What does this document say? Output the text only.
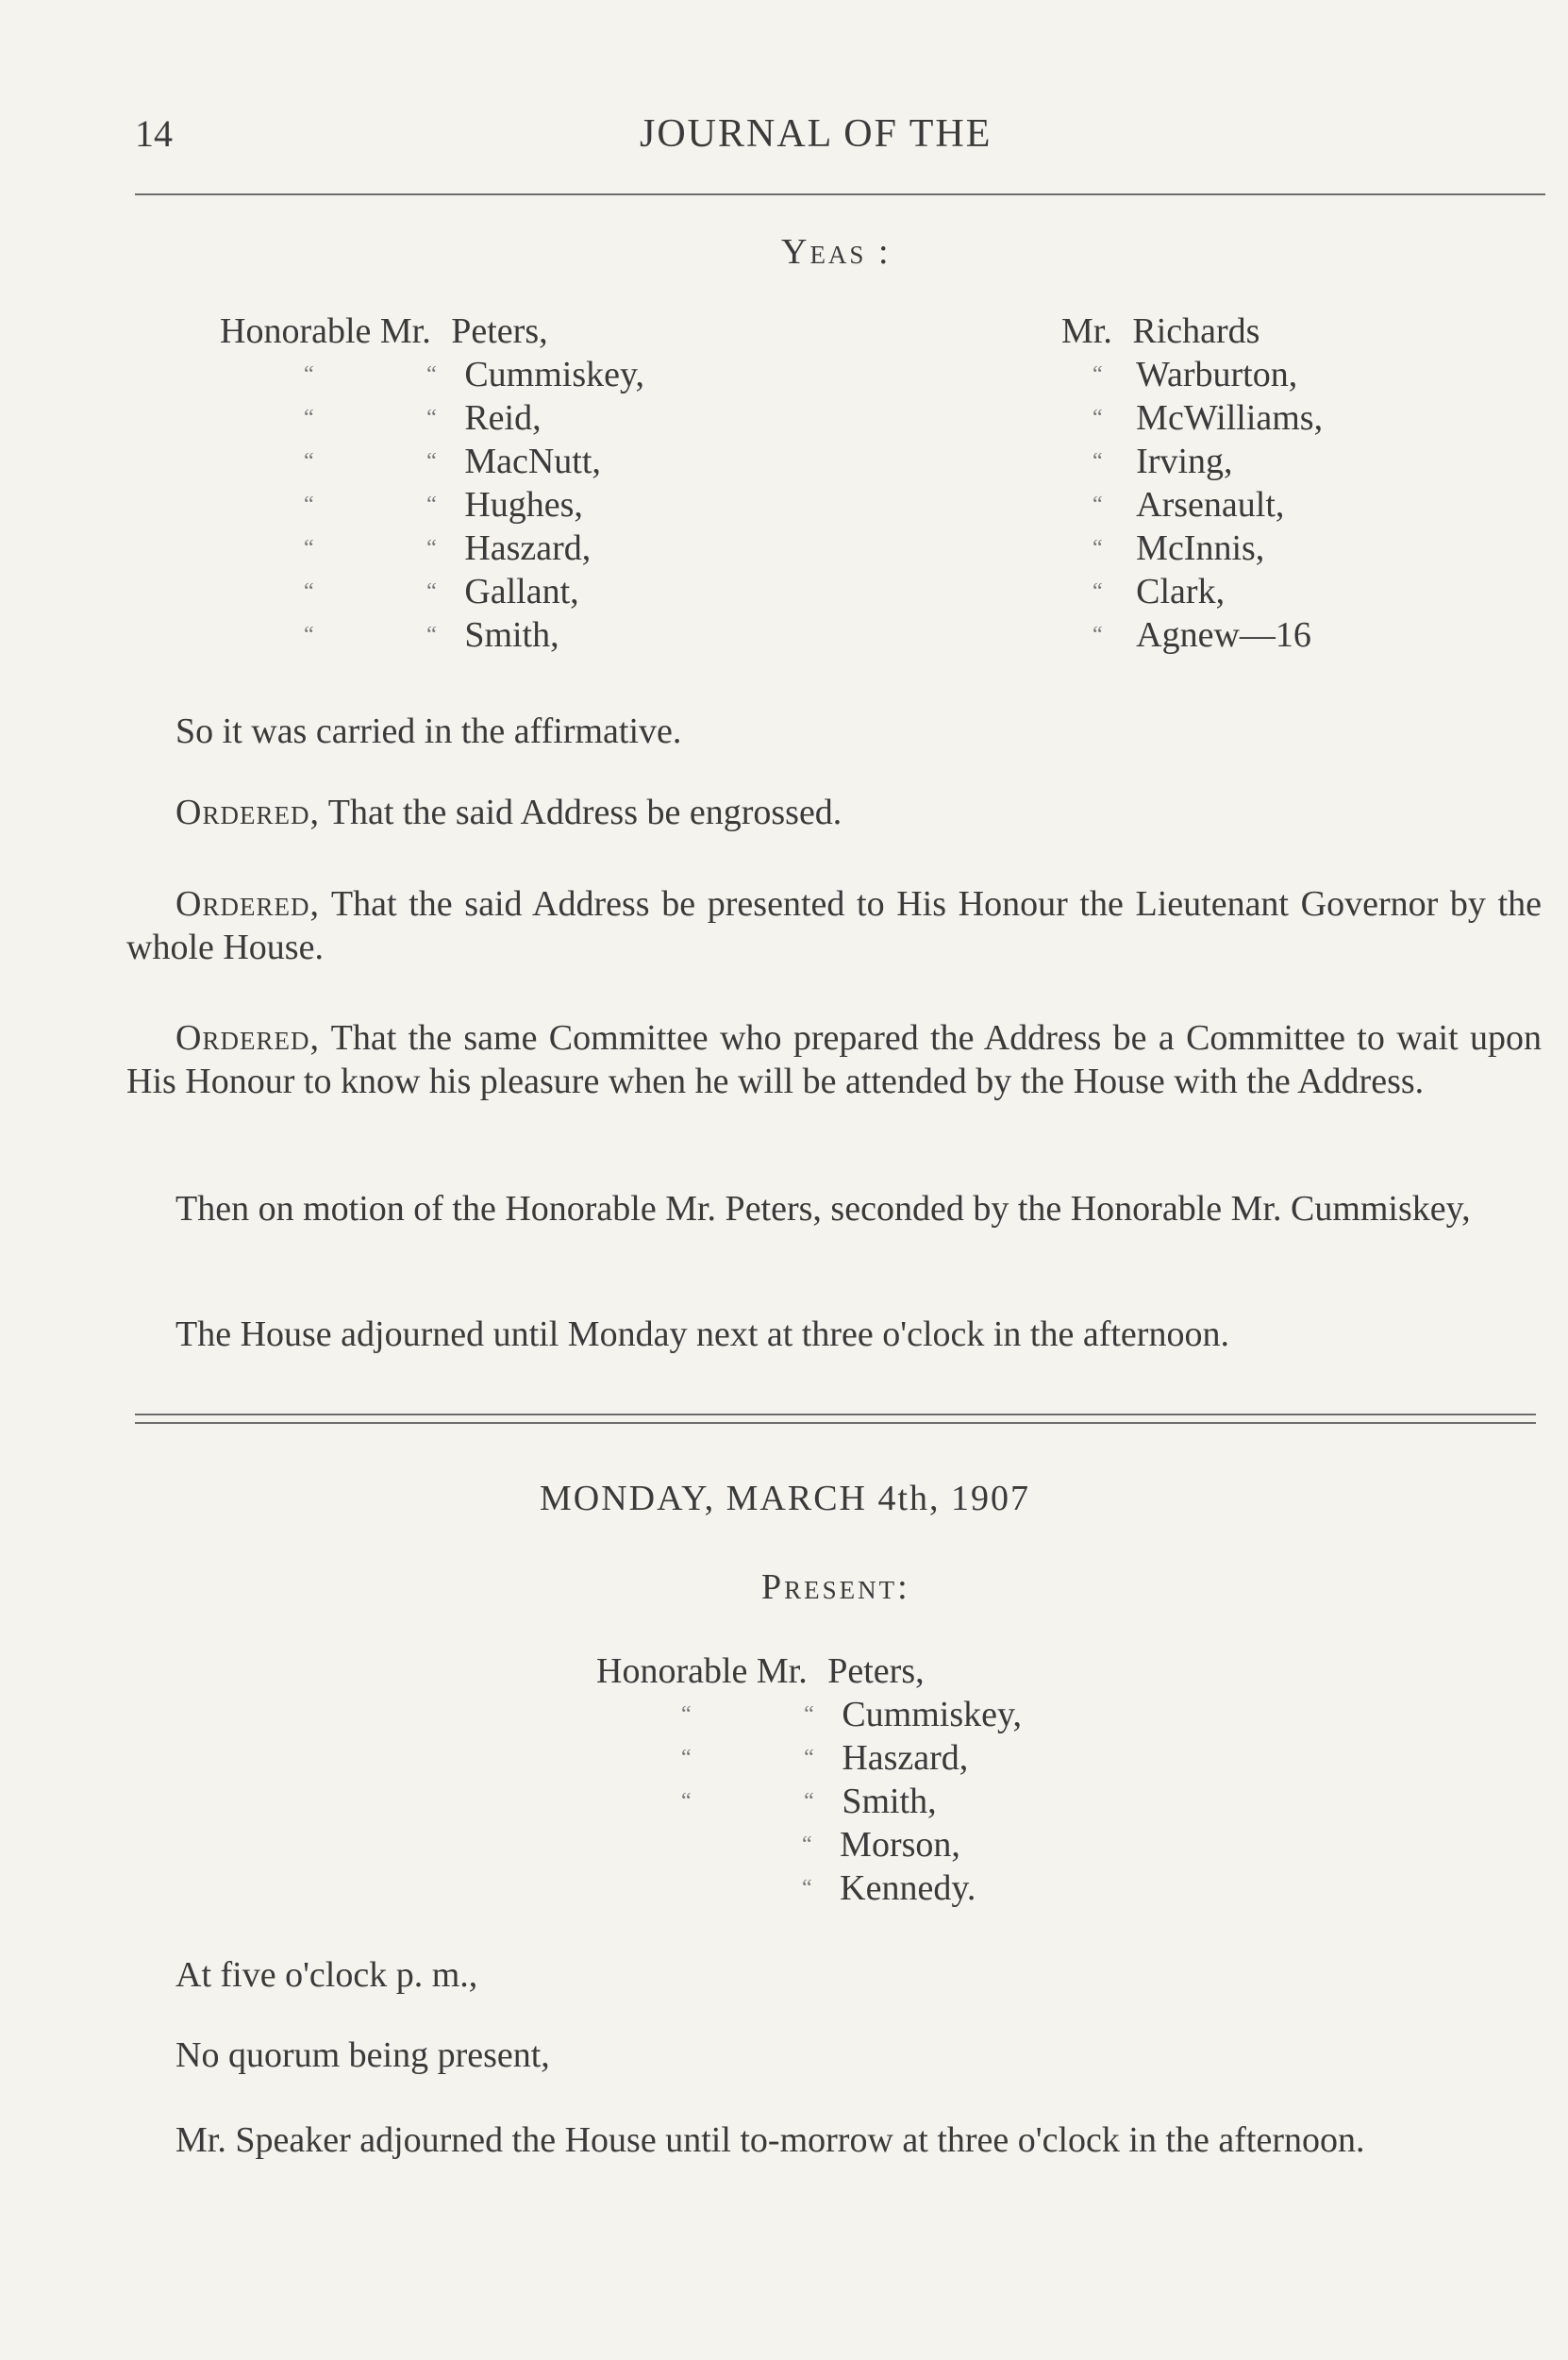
14	JOURNAL OF THE
Yeas :
Honorable Mr. Peters,
“	“ Cummiskey,
“	“ Reid,
“	“ MacNutt,
“	“ Hughes,
“	“ Haszard,
“	“ Gallant,
“	“ Smith,
Mr. Richards
“ Warburton,
“ McWilliams,
“ Irving,
“ Arsenault,
“ McInnis,
“ Clark,
“ Agnew—16
So it was carried in the affirmative.
Ordered, That the said Address be engrossed.
Ordered, That the said Address be presented to His Honour the Lieutenant Governor by the whole House.
Ordered, That the same Committee who prepared the Address be a Committee to wait upon His Honour to know his pleasure when he will be attended by the House with the Address.
Then on motion of the Honorable Mr. Peters, seconded by the Honorable Mr. Cummiskey,
The House adjourned until Monday next at three o'clock in the afternoon.
MONDAY, MARCH 4th, 1907
Present:
Honorable Mr. Peters,
“	“ Cummiskey,
“	“ Haszard,
“	“ Smith,
“ Morson,
“ Kennedy.
At five o'clock p. m.,
No quorum being present,
Mr. Speaker adjourned the House until to-morrow at three o'clock in the afternoon.
